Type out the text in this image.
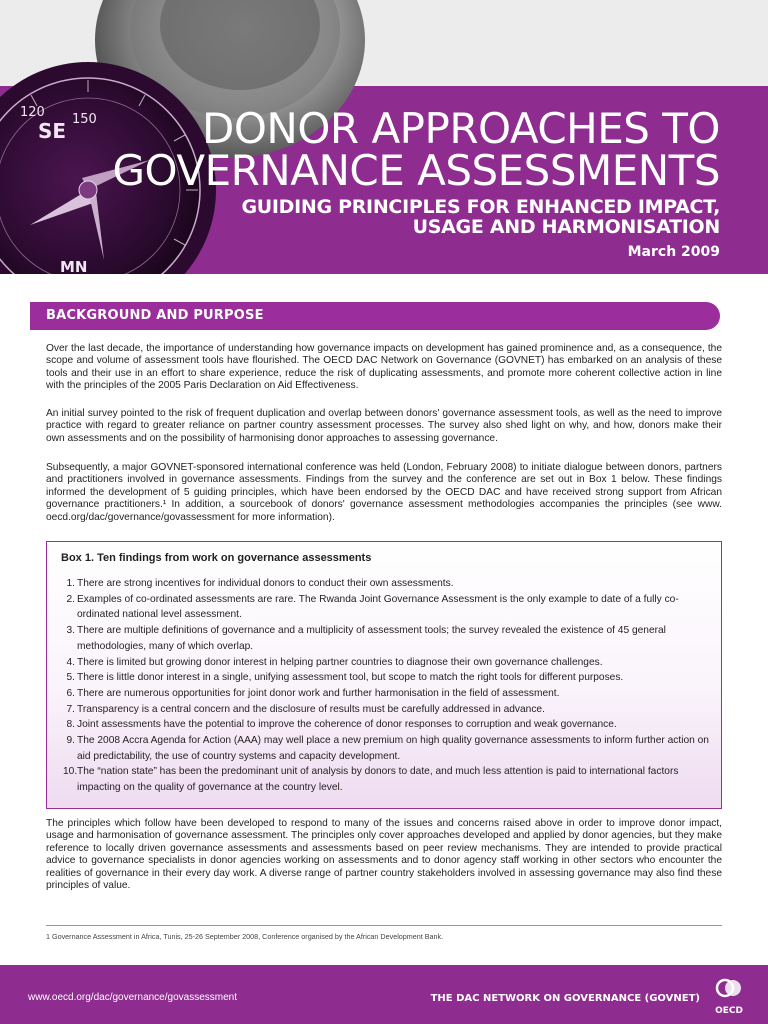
SE
120 150
MN
DONOR APPROACHES TO
GOVERNANCE ASSESSMENTS
GUIDING PRINCIPLES FOR ENHANCED IMPACT,
USAGE AND HARMONISATION
March 2009
BACKGROUND AND PURPOSE

Over the last decade, the importance of understanding how governance impacts on development has gained prominence and, as a consequence, the scope and volume of assessment tools have flourished. The OECD DAC Network on Governance (GOVNET) has embarked on an analysis of these tools and their use in an effort to share experience, reduce the risk of duplicating assessments, and promote more coherent collective action in line with the principles of the 2005 Paris Declaration on Aid Effectiveness.

An initial survey pointed to the risk of frequent duplication and overlap between donors' governance assessment tools, as well as the need to improve practice with regard to greater reliance on partner country assessment processes. The survey also shed light on why, and how, donors make their own assessments and on the possibility of harmonising donor approaches to assessing governance.

Subsequently, a major GOVNET-sponsored international conference was held (London, February 2008) to initiate dialogue between donors, partners and practitioners involved in governance assessments. Findings from the survey and the conference are set out in Box 1 below. These findings informed the development of 5 guiding principles, which have been endorsed by the OECD DAC and have received strong support from African governance practitioners.¹ In addition, a sourcebook of donors' governance assessment methodologies accompanies the principles (see www. oecd.org/dac/governance/govassessment for more information).

Box 1. Ten findings from work on governance assessments
1. There are strong incentives for individual donors to conduct their own assessments.
2. Examples of co-ordinated assessments are rare. The Rwanda Joint Governance Assessment is the only example to date of a fully co-ordinated national level assessment.
3. There are multiple definitions of governance and a multiplicity of assessment tools; the survey revealed the existence of 45 general methodologies, many of which overlap.
4. There is limited but growing donor interest in helping partner countries to diagnose their own governance challenges.
5. There is little donor interest in a single, unifying assessment tool, but scope to match the right tools for different purposes.
6. There are numerous opportunities for joint donor work and further harmonisation in the field of assessment.
7. Transparency is a central concern and the disclosure of results must be carefully addressed in advance.
8. Joint assessments have the potential to improve the coherence of donor responses to corruption and weak governance.
9. The 2008 Accra Agenda for Action (AAA) may well place a new premium on high quality governance assessments to inform further action on aid predictability, the use of country systems and capacity development.
10. The “nation state” has been the predominant unit of analysis by donors to date, and much less attention is paid to international factors impacting on the quality of governance at the country level.

The principles which follow have been developed to respond to many of the issues and concerns raised above in order to improve donor impact, usage and harmonisation of governance assessment. The principles only cover approaches developed and applied by donor agencies, but they make reference to locally driven governance assessments and assessments based on peer review mechanisms. They are intended to provide practical advice to governance specialists in donor agencies working on assessments and to donor agency staff working in other sectors who encounter the realities of governance in their every day work. A diverse range of partner country stakeholders involved in assessing governance may also find these principles of value.

1 Governance Assessment in Africa, Tunis, 25-26 September 2008, Conference organised by the African Development Bank.
www.oecd.org/dac/governance/govassessment	THE DAC NETWORK ON GOVERNANCE (GOVNET)
OECD
